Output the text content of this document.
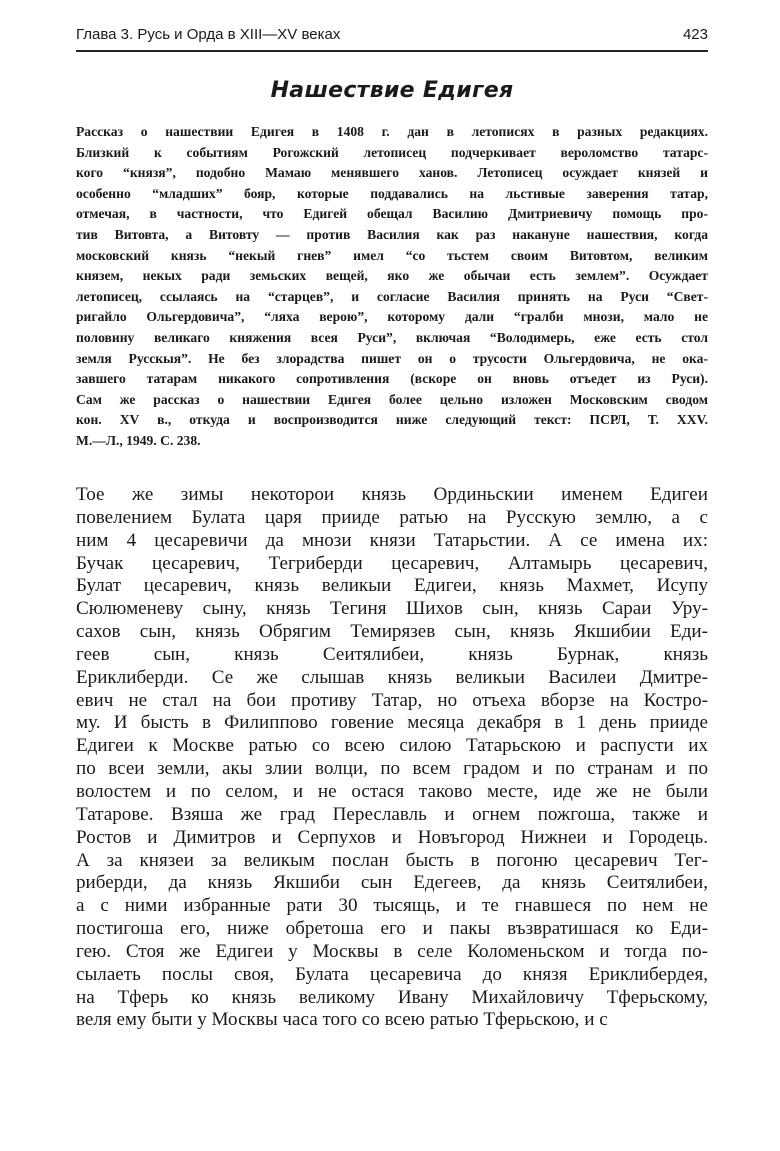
Глава 3. Русь и Орда в XIII—XV веках	423
Нашествие Едигея
Рассказ о нашествии Едигея в 1408 г. дан в летописях в разных редакциях.
Близкий к событиям Рогожский летописец подчеркивает вероломство татарс-
кого “князя”, подобно Мамаю менявшего ханов. Летописец осуждает князей и
особенно “младших” бояр, которые поддавались на льстивые заверения татар,
отмечая, в частности, что Едигей обещал Василию Дмитриевичу помощь про-
тив Витовта, а Витовту — против Василия как раз накануне нашествия, когда
московский князь “некый гнев” имел “со тьстем своим Витовтом, великим
князем, некых ради земьских вещей, яко же обычаи есть землем”. Осуждает
летописец, ссылаясь на “старцев”, и согласие Василия принять на Руси “Свет-
ригайло Ольгердовича”, “ляха верою”, которому дали “гралби мнози, мало не
половину великаго княжения всея Руси”, включая “Володимерь, еже есть стол
земля Русскыя”. Не без злорадства пишет он о трусости Ольгердовича, не ока-
завшего татарам никакого сопротивления (вскоре он вновь отъедет из Руси).
Сам же рассказ о нашествии Едигея более цельно изложен Московским сводом
кон. XV в., откуда и воспроизводится ниже следующий текст: ПСРЛ, Т. XXV.
М.—Л., 1949. С. 238.
Тое же зимы некоторои князь Ординьскии именем Едигеи
повелением Булата царя прииде ратью на Русскую землю, а с
ним 4 цесаревичи да мнози князи Татарьстии. А се имена их:
Бучак цесаревич, Тегриберди цесаревич, Алтамырь цесаревич,
Булат цесаревич, князь великыи Едигеи, князь Махмет, Исупу
Сюлюменеву сыну, князь Тегиня Шихов сын, князь Сараи Уру-
сахов сын, князь Обрягим Темирязев сын, князь Якшибии Еди-
геев сын, князь Сеитялибеи, князь Бурнак, князь
Ериклиберди. Се же слышав князь великыи Василеи Дмитре-
евич не стал на бои противу Татар, но отъеха вборзе на Костро-
му. И бысть в Филиппово говение месяца декабря в 1 день прииде
Едигеи к Москве ратью со всею силою Татарьскою и распусти их
по всеи земли, акы злии волци, по всем градом и по странам и по
волостем и по селом, и не остася таково месте, иде же не были
Татарове. Взяша же град Переславль и огнем пожгоша, также и
Ростов и Димитров и Серпухов и Новъгород Нижнеи и Городець.
А за князеи за великым послан бысть в погоню цесаревич Тег-
риберди, да князь Якшиби сын Едегеев, да князь Сеитялибеи,
а с ними избранные рати 30 тысящь, и те гнавшеся по нем не
постигоша его, ниже обретоша его и пакы възвратишася ко Еди-
гею. Стоя же Едигеи у Москвы в селе Коломеньском и тогда по-
сылаеть послы своя, Булата цесаревича до князя Ериклибердея,
на Тферь ко князь великому Ивану Михайловичу Тферьскому,
веля ему быти у Москвы часа того со всею ратью Тферьскою, и с
